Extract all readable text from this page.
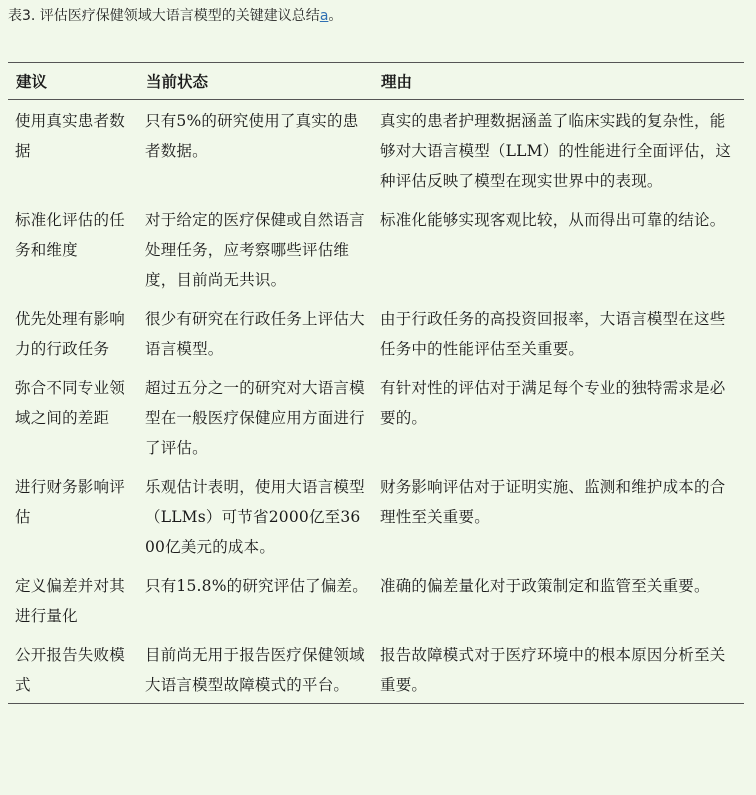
表3. 评估医疗保健领域大语言模型的关键建议总结a。
建议	当前状态	理由
使用真实患者数据	只有5%的研究使用了真实的患者数据。	真实的患者护理数据涵盖了临床实践的复杂性，能够对大语言模型（LLM）的性能进行全面评估，这种评估反映了模型在现实世界中的表现。
标准化评估的任务和维度	对于给定的医疗保健或自然语言处理任务，应考察哪些评估维度，目前尚无共识。	标准化能够实现客观比较，从而得出可靠的结论。
优先处理有影响力的行政任务	很少有研究在行政任务上评估大语言模型。	由于行政任务的高投资回报率，大语言模型在这些任务中的性能评估至关重要。
弥合不同专业领域之间的差距	超过五分之一的研究对大语言模型在一般医疗保健应用方面进行了评估。	有针对性的评估对于满足每个专业的独特需求是必要的。
进行财务影响评估	乐观估计表明，使用大语言模型（LLMs）可节省2000亿至3600亿美元的成本。	财务影响评估对于证明实施、监测和维护成本的合理性至关重要。
定义偏差并对其进行量化	只有15.8%的研究评估了偏差。	准确的偏差量化对于政策制定和监管至关重要。
公开报告失败模式	目前尚无用于报告医疗保健领域大语言模型故障模式的平台。	报告故障模式对于医疗环境中的根本原因分析至关重要。
